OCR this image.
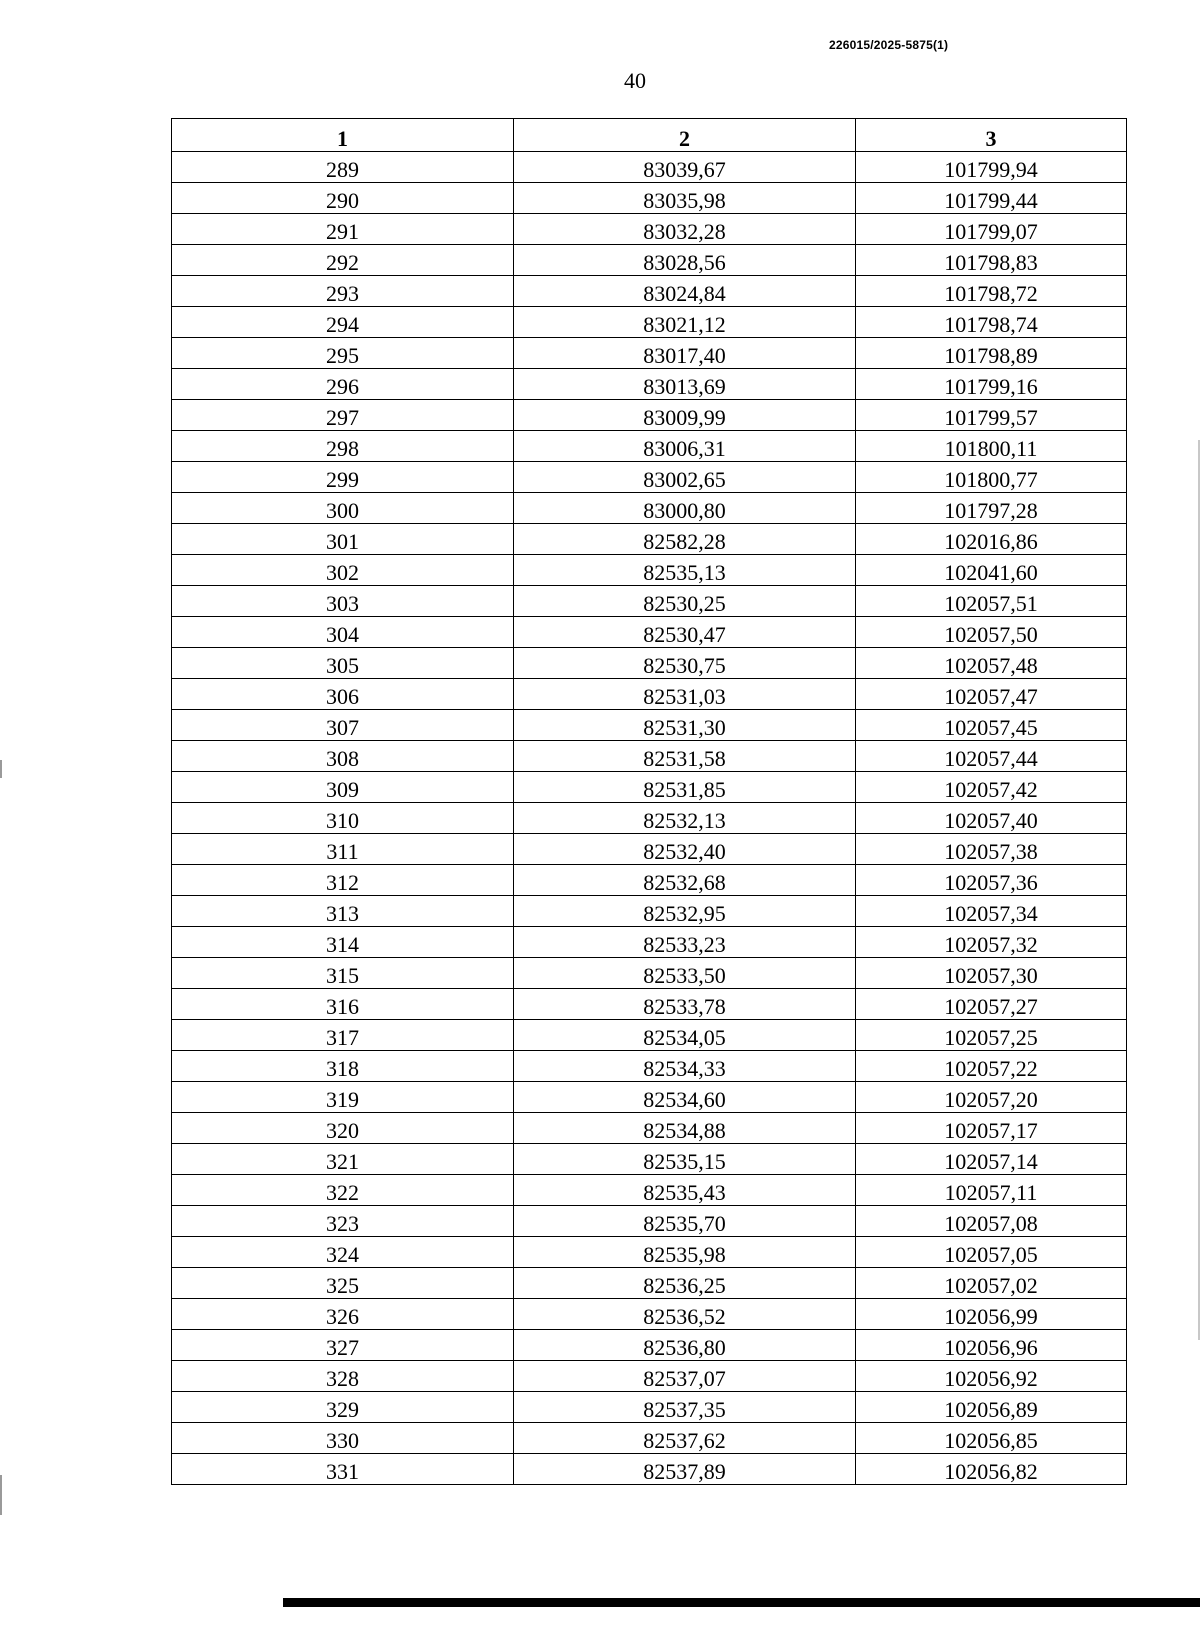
226015/2025-5875(1)
40
1	2	3
289	83039,67	101799,94
290	83035,98	101799,44
291	83032,28	101799,07
292	83028,56	101798,83
293	83024,84	101798,72
294	83021,12	101798,74
295	83017,40	101798,89
296	83013,69	101799,16
297	83009,99	101799,57
298	83006,31	101800,11
299	83002,65	101800,77
300	83000,80	101797,28
301	82582,28	102016,86
302	82535,13	102041,60
303	82530,25	102057,51
304	82530,47	102057,50
305	82530,75	102057,48
306	82531,03	102057,47
307	82531,30	102057,45
308	82531,58	102057,44
309	82531,85	102057,42
310	82532,13	102057,40
311	82532,40	102057,38
312	82532,68	102057,36
313	82532,95	102057,34
314	82533,23	102057,32
315	82533,50	102057,30
316	82533,78	102057,27
317	82534,05	102057,25
318	82534,33	102057,22
319	82534,60	102057,20
320	82534,88	102057,17
321	82535,15	102057,14
322	82535,43	102057,11
323	82535,70	102057,08
324	82535,98	102057,05
325	82536,25	102057,02
326	82536,52	102056,99
327	82536,80	102056,96
328	82537,07	102056,92
329	82537,35	102056,89
330	82537,62	102056,85
331	82537,89	102056,82
